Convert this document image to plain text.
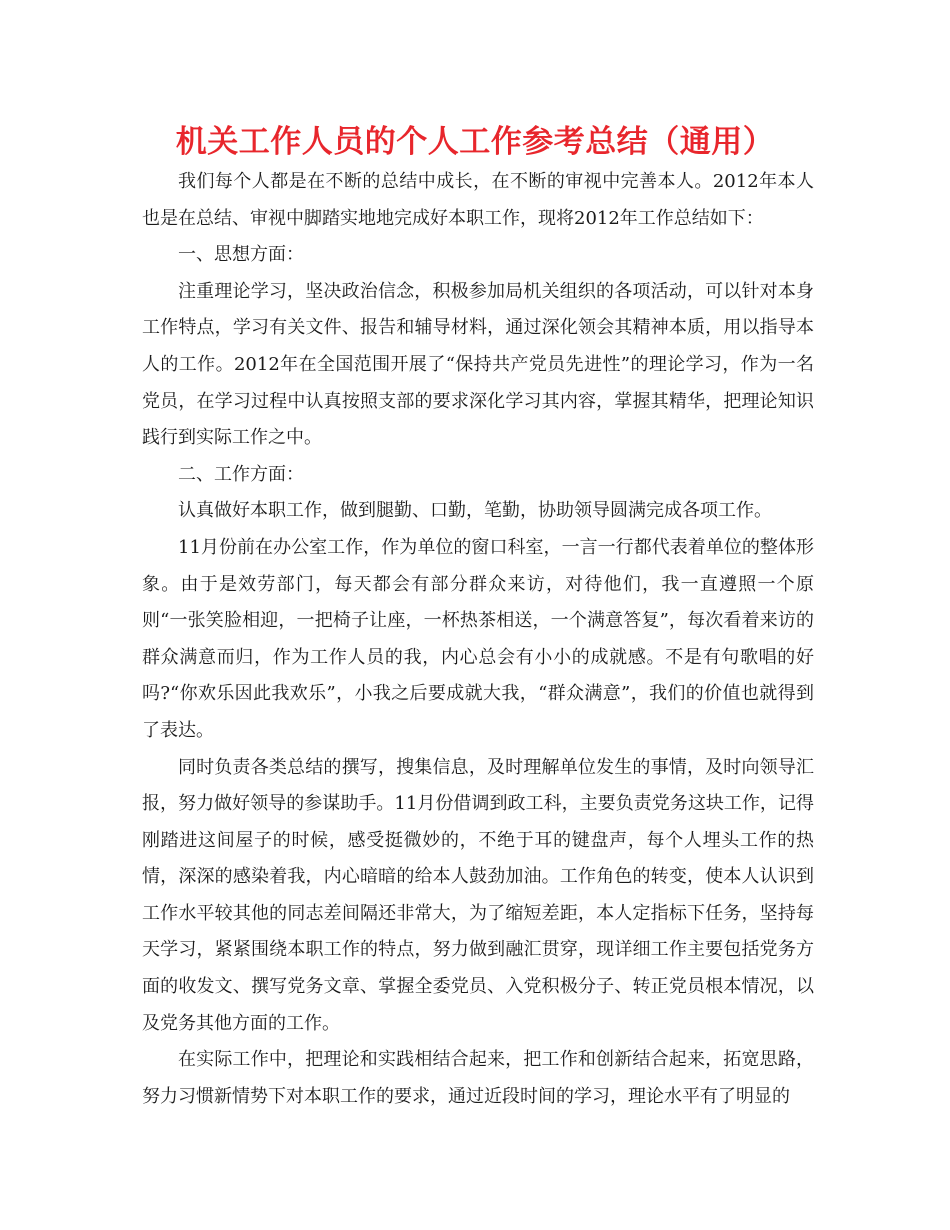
机关工作人员的个人工作参考总结（通用）

我们每个人都是在不断的总结中成长，在不断的审视中完善本人。2012年本人也是在总结、审视中脚踏实地地完成好本职工作，现将2012年工作总结如下：

一、思想方面：

注重理论学习，坚决政治信念，积极参加局机关组织的各项活动，可以针对本身工作特点，学习有关文件、报告和辅导材料，通过深化领会其精神本质，用以指导本人的工作。2012年在全国范围开展了“保持共产党员先进性”的理论学习，作为一名党员，在学习过程中认真按照支部的要求深化学习其内容，掌握其精华，把理论知识践行到实际工作之中。

二、工作方面：

认真做好本职工作，做到腿勤、口勤，笔勤，协助领导圆满完成各项工作。

11月份前在办公室工作，作为单位的窗口科室，一言一行都代表着单位的整体形象。由于是效劳部门，每天都会有部分群众来访，对待他们，我一直遵照一个原则“一张笑脸相迎，一把椅子让座，一杯热茶相送，一个满意答复”，每次看着来访的群众满意而归，作为工作人员的我，内心总会有小小的成就感。不是有句歌唱的好吗?“你欢乐因此我欢乐”，小我之后要成就大我，“群众满意”，我们的价值也就得到了表达。

同时负责各类总结的撰写，搜集信息，及时理解单位发生的事情，及时向领导汇报，努力做好领导的参谋助手。11月份借调到政工科，主要负责党务这块工作，记得刚踏进这间屋子的时候，感受挺微妙的，不绝于耳的键盘声，每个人埋头工作的热情，深深的感染着我，内心暗暗的给本人鼓劲加油。工作角色的转变，使本人认识到工作水平较其他的同志差间隔还非常大，为了缩短差距，本人定指标下任务，坚持每天学习，紧紧围绕本职工作的特点，努力做到融汇贯穿，现详细工作主要包括党务方面的收发文、撰写党务文章、掌握全委党员、入党积极分子、转正党员根本情况，以及党务其他方面的工作。

在实际工作中，把理论和实践相结合起来，把工作和创新结合起来，拓宽思路，努力习惯新情势下对本职工作的要求，通过近段时间的学习，理论水平有了明显的
